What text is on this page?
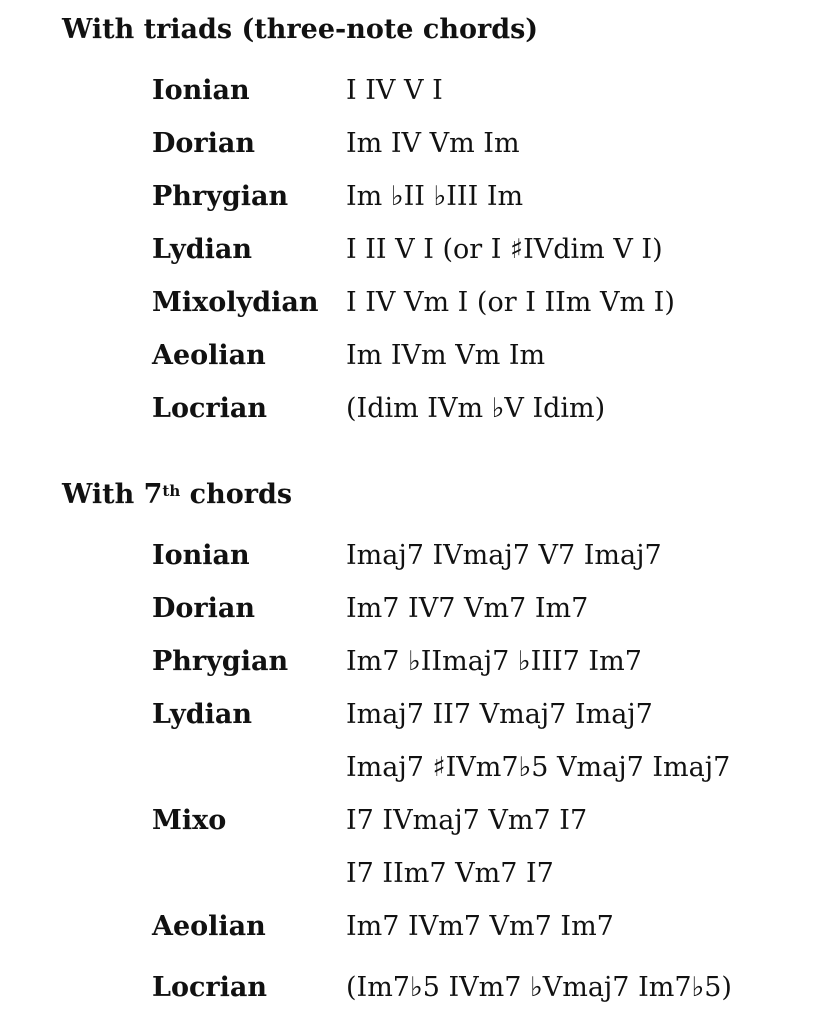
With triads (three-note chords)
Ionian	I IV V I
Dorian	Im IV Vm Im
Phrygian Im ♭II ♭III Im
Lydian	I II V I (or I ♯IVdim V I)
Mixolydian I IV Vm I (or I IIm Vm I)
Aeolian	Im IVm Vm Im
Locrian	(Idim IVm ♭V Idim)
With 7th chords
Ionian	Imaj7 IVmaj7 V7 Imaj7
Dorian	Im7 IV7 Vm7 Im7
Phrygian Im7 ♭IImaj7 ♭III7 Im7
Lydian	Imaj7 II7 Vmaj7 Imaj7
Imaj7 ♯IVm7♭5 Vmaj7 Imaj7
Mixo	I7 IVmaj7 Vm7 I7
I7 IIm7 Vm7 I7
Aeolian	Im7 IVm7 Vm7 Im7
Locrian	(Im7♭5 IVm7 ♭Vmaj7 Im7♭5)
